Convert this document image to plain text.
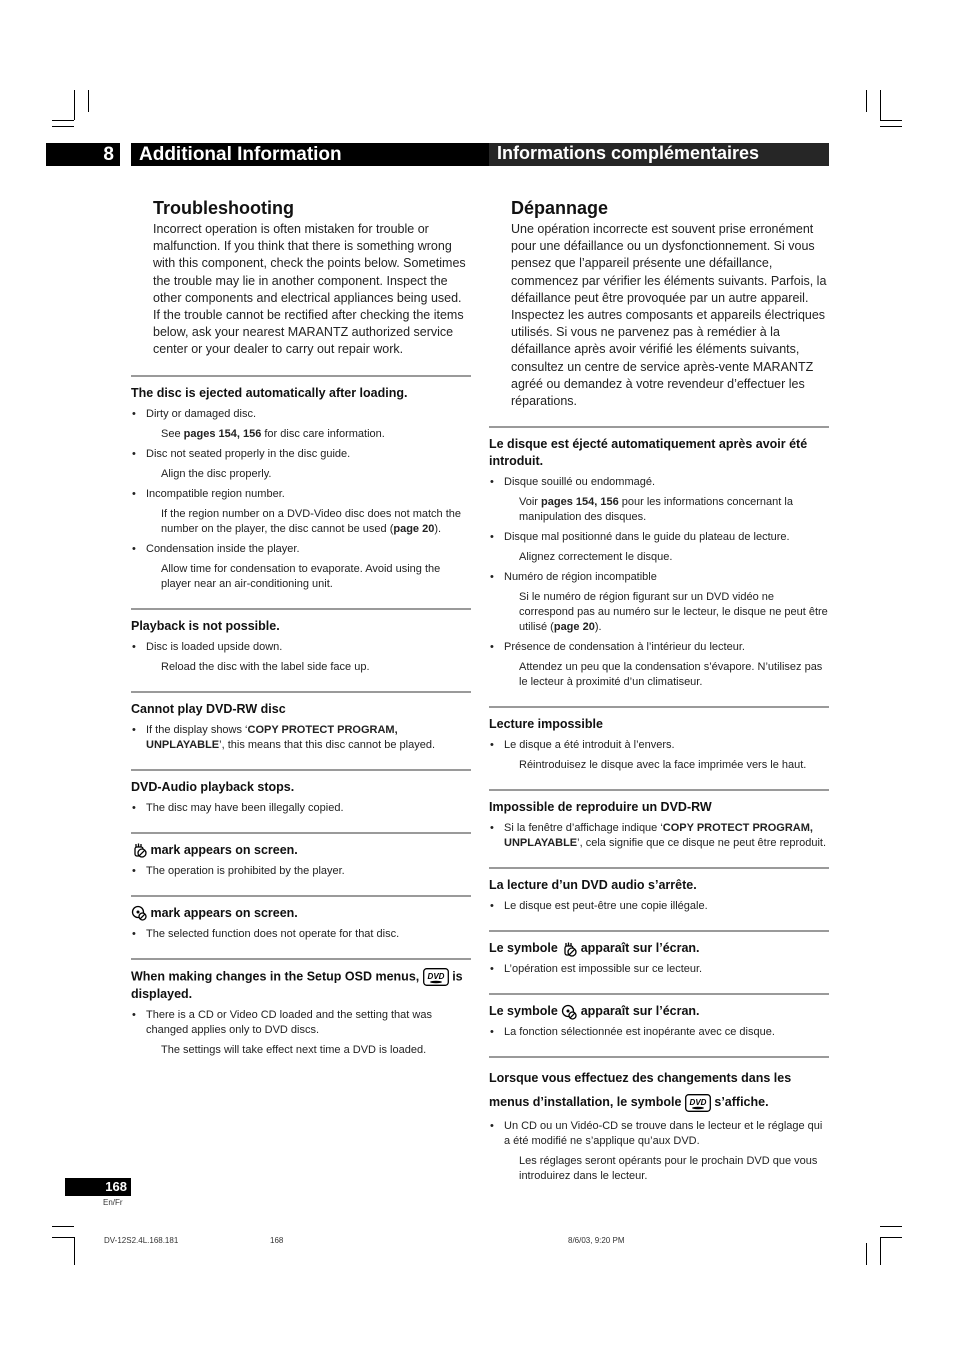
8	Additional Information	Informations complémentaires
Troubleshooting

Incorrect operation is often mistaken for trouble or malfunction. If you think that there is something wrong with this component, check the points below. Sometimes the trouble may lie in another component. Inspect the other components and electrical appliances being used. If the trouble cannot be rectified after checking the items below, ask your nearest MARANTZ authorized service center or your dealer to carry out repair work.

The disc is ejected automatically after loading.

• Dirty or damaged disc.

See pages 154, 156 for disc care information.

• Disc not seated properly in the disc guide.

Align the disc properly.

• Incompatible region number.

If the region number on a DVD-Video disc does not match the number on the player, the disc cannot be used (page 20).

• Condensation inside the player.

Allow time for condensation to evaporate. Avoid using the player near an air-conditioning unit.

Playback is not possible.

• Disc is loaded upside down.

Reload the disc with the label side face up.

Cannot play DVD-RW disc

• If the display shows ‘COPY PROTECT PROGRAM, UNPLAYABLE’, this means that this disc cannot be played.

DVD-Audio playback stops.

• The disc may have been illegally copied.

mark appears on screen.

• The operation is prohibited by the player.

mark appears on screen.

• The selected function does not operate for that disc.

When making changes in the Setup OSD menus, DVD is displayed.

• There is a CD or Video CD loaded and the setting that was changed applies only to DVD discs.

The settings will take effect next time a DVD is loaded.

Dépannage

Une opération incorrecte est souvent prise erronément pour une défaillance ou un dysfonctionnement. Si vous pensez que l’appareil présente une défaillance, commencez par vérifier les éléments suivants. Parfois, la défaillance peut être provoquée par un autre appareil. Inspectez les autres composants et appareils électriques utilisés. Si vous ne parvenez pas à remédier à la défaillance après avoir vérifié les éléments suivants, consultez un centre de service après-vente MARANTZ agréé ou demandez à votre revendeur d’effectuer les réparations.

Le disque est éjecté automatiquement après avoir été introduit.

• Disque souillé ou endommagé.

Voir pages 154, 156 pour les informations concernant la manipulation des disques.

• Disque mal positionné dans le guide du plateau de lecture.

Alignez correctement le disque.

• Numéro de région incompatible

Si le numéro de région figurant sur un DVD vidéo ne correspond pas au numéro sur le lecteur, le disque ne peut être utilisé (page 20).

• Présence de condensation à l’intérieur du lecteur.

Attendez un peu que la condensation s’évapore. N’utilisez pas le lecteur à proximité d’un climatiseur.

Lecture impossible

• Le disque a été introduit à l’envers.

Réintroduisez le disque avec la face imprimée vers le haut.

Impossible de reproduire un DVD-RW

• Si la fenêtre d’affichage indique ‘COPY PROTECT PROGRAM, UNPLAYABLE’, cela signifie que ce disque ne peut être reproduit.

La lecture d’un DVD audio s’arrête.

• Le disque est peut-être une copie illégale.

Le symbole  apparaît sur l’écran.

• L’opération est impossible sur ce lecteur.

Le symbole  apparaît sur l’écran.

• La fonction sélectionnée est inopérante avec ce disque.

Lorsque vous effectuez des changements dans les menus d’installation, le symbole DVD s’affiche.

• Un CD ou un Vidéo-CD se trouve dans le lecteur et le réglage qui a été modifié ne s’applique qu’aux DVD.

Les réglages seront opérants pour le prochain DVD que vous introduirez dans le lecteur.

168
En/Fr
DV-12S2.4L.168.181	168	8/6/03, 9:20 PM
